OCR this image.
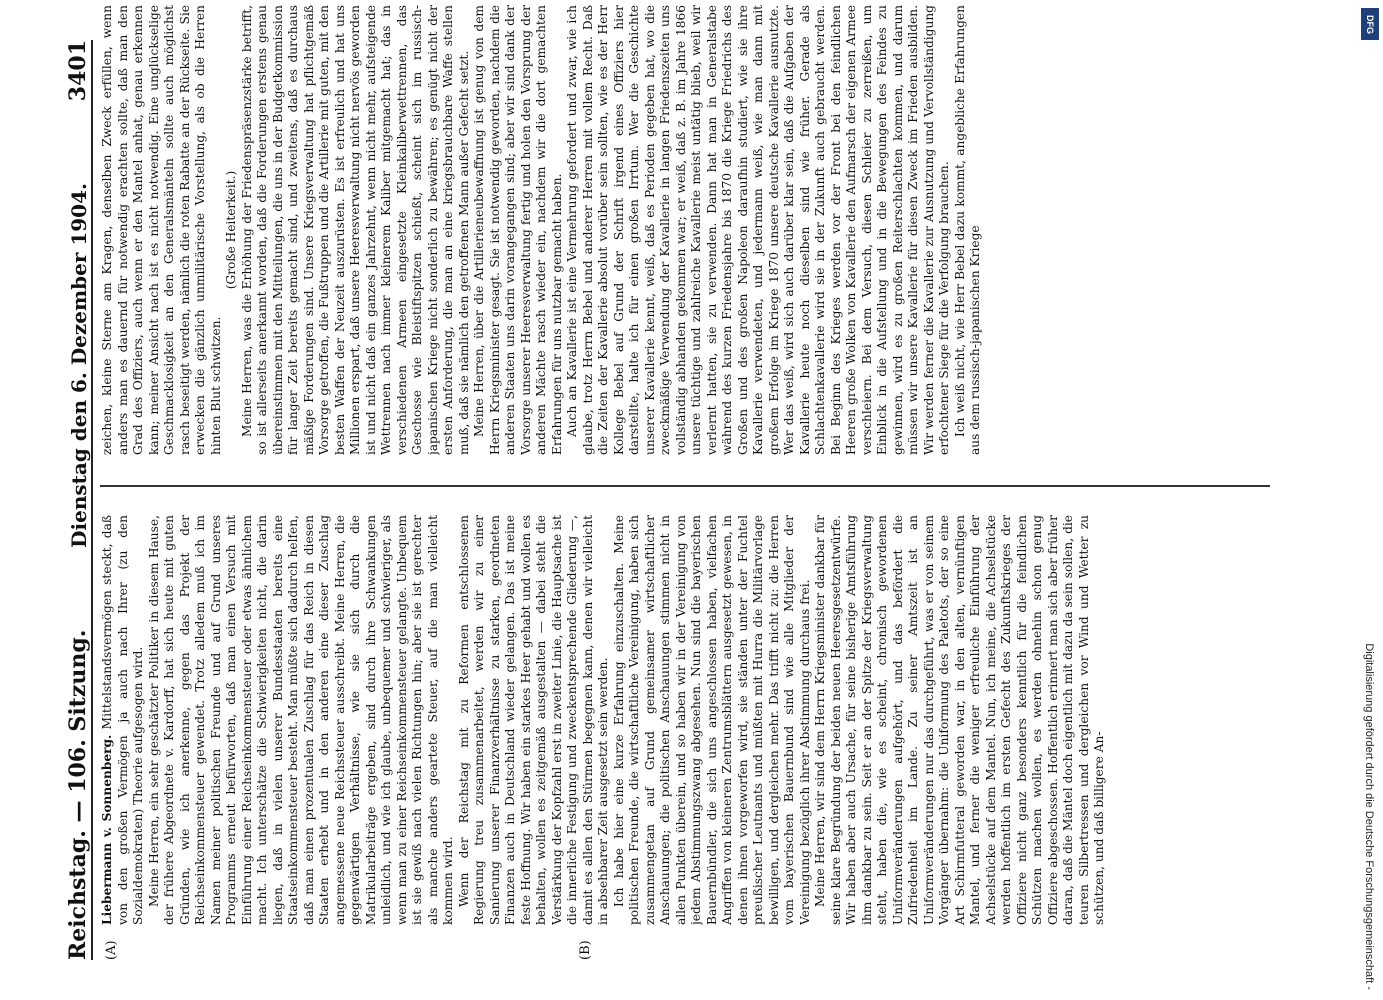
Reichstag. — 106. Sitzung.
Dienstag den 6. Dezember 1904.
3401
(A)	(B)

Liebermann v. Sonnenberg. Mittelstandsvermögen steckt, daß von den großen Vermögen ja auch nach Ihrer (zu den Sozialdemokraten) Theorie aufgesogen wird. Meine Herren, ein sehr geschätzter Politiker in diesem Hause, der frühere Abgeordnete v. Kardorff, hat sich heute mit guten Gründen, wie ich anerkenne, gegen das Projekt der Reichseinkommensteuer gewendet. Trotz alledem muß ich im Namen meiner politischen Freunde und auf Grund unseres Programms erneut befürworten, daß man einen Versuch mit Einführung einer Reichseinkommensteuer oder etwas ähnlichem macht. Ich unterschätze die Schwierigkeiten nicht, die darin liegen, daß in vielen unserer Bundesstaaten bereits eine Staatseinkommensteuer besteht. Man müßte sich dadurch helfen, daß man einen prozentualen Zuschlag für das Reich in diesen Staaten erhebt und in den anderen eine dieser Zuschlag angemessene neue Reichssteuer ausschreibt. Meine Herren, die gegenwärtigen Verhältnisse, wie sie sich durch die Matrikularbeiträge ergeben, sind durch ihre Schwankungen unleidlich, und wie ich glaube, unbequemer und schwieriger, als wenn man zu einer Reichseinkommensteuer gelangte. Unbequem ist sie gewiß nach vielen Richtungen hin; aber sie ist gerechter als manche anders geartete Steuer, auf die man vielleicht kommen wird. Wenn der Reichstag mit zu Reformen entschlossenen Regierung treu zusammenarbeitet, werden wir zu einer Sanierung unserer Finanzverhältnisse zu starken, geordneten Finanzen auch in Deutschland wieder gelangen. Das ist meine feste Hoffnung. Wir haben ein starkes Heer gehabt und wollen es behalten, wollen es zeitgemäß ausgestalten — dabei steht die Verstärkung der Kopfzahl erst in zweiter Linie, die Hauptsache ist die innerliche Festigung und zweckentsprechende Gliederung —, damit es allen den Stürmen begegnen kann, denen wir vielleicht in absehbarer Zeit ausgesetzt sein werden. Ich habe hier eine kurze Erfahrung einzuschalten. Meine politischen Freunde, die wirtschaftliche Vereinigung, haben sich zusammengetan auf Grund gemeinsamer wirtschaftlicher Anschauungen; die politischen Anschauungen stimmen nicht in allen Punkten überein, und so haben wir in der Vereinigung von jedem Abstimmungszwang abgesehen. Nun sind die bayerischen Bauernbündler, die sich uns angeschlossen haben, vielfachen Angriffen von kleineren Zentrumsblättern ausgesetzt gewesen, in denen ihnen vorgeworfen wird, sie ständen unter der Fuchtel preußischer Leutnants und müßten mit Hurra die Militärvorlage bewilligen, und dergleichen mehr. Das trifft nicht zu: die Herren vom bayerischen Bauernbund sind wie alle Mitglieder der Vereinigung bezüglich ihrer Abstimmung durchaus frei. Meine Herren, wir sind dem Herrn Kriegsminister dankbar für seine klare Begründung der beiden neuen Heeresgesetzentwürfe. Wir haben aber auch Ursache, für seine bisherige Amtsführung ihm dankbar zu sein. Seit er an der Spitze der Kriegsverwaltung steht, haben die, wie es scheint, chronisch gewordenen Uniformveränderungen aufgehört, und das befördert die Zufriedenheit im Lande. Zu seiner Amtszeit ist an Uniformveränderungen nur das durchgeführt, was er von seinem Vorgänger übernahm: die Uniformung des Paletots, der so eine Art Schirmfutteral geworden war, in den alten, vernünftigen Mantel, und ferner die weniger erfreuliche Einführung der Achselstücke auf dem Mantel. Nun, ich meine, die Achselstücke werden hoffentlich im ersten Gefecht des Zukunftskrieges der Offiziere nicht ganz besonders kenntlich für die feindlichen Schützen machen wollen, es werden ohnehin schon genug Offiziere abgeschossen. Hoffentlich erinnert man sich aber früher daran, daß die Mäntel doch eigentlich mit dazu da sein sollen, die teuren Silbertressen und dergleichen vor Wind und Wetter zu schützen, und daß billigere An-

zeichen, kleine Sterne am Kragen, denselben Zweck erfüllen, wenn anders man es dauernd für notwendig erachten sollte, daß man den Grad des Offiziers, auch wenn er den Mantel anhat, genau erkennen kann; meiner Ansicht nach ist es nicht notwendig. Eine unglückselige Geschmacklosigkeit an den Generalsmänteln sollte auch möglichst rasch beseitigt werden, nämlich die roten Rabatte an der Rückseite. Sie erwecken die gänzlich unmilitärische Vorstellung, als ob die Herren hinten Blut schwitzen.

(Große Heiterkeit.) Meine Herren, was die Erhöhung der Friedenspräsenzstärke betrifft, so ist allerseits anerkannt worden, daß die Forderungen erstens genau übereinstimmen mit den Mitteilungen, die uns in der Budgetkommission für langer Zeit bereits gemacht sind, und zweitens, daß es durchaus mäßige Forderungen sind. Unsere Kriegsverwaltung hat pflichtgemäß Vorsorge getroffen, die Fußtruppen und die Artillerie mit guten, mit den besten Waffen der Neuzeit auszurüsten. Es ist erfreulich und hat uns Millionen erspart, daß unsere Heeresverwaltung nicht nervös geworden ist und nicht daß ein ganzes Jahrzehnt, wenn nicht mehr, aufsteigende Wettrennen nach immer kleinerem Kaliber mitgemacht hat; das in verschiedenen Armeen eingesetzte Kleinkaliberwettrennen, das Geschosse wie Bleistiftspitzen schießt, scheint sich im russisch-japanischen Kriege nicht sonderlich zu bewähren; es genügt nicht der ersten Anforderung, die man an eine kriegsbrauchbare Waffe stellen muß, daß sie nämlich den getroffenen Mann außer Gefecht setzt. Meine Herren, über die Artillerieneubewaffnung ist genug von dem Herrn Kriegsminister gesagt. Sie ist notwendig geworden, nachdem die anderen Staaten uns darin vorangegangen sind; aber wir sind dank der Vorsorge unserer Heeresverwaltung fertig und holen den Vorsprung der anderen Mächte rasch wieder ein, nachdem wir die dort gemachten Erfahrungen für uns nutzbar gemacht haben. Auch an Kavallerie ist eine Vermehrung gefordert und zwar, wie ich glaube, trotz Herrn Bebel und anderer Herren mit vollem Recht. Daß die Zeiten der Kavallerie absolut vorüber sein sollten, wie es der Herr Kollege Bebel auf Grund der Schrift irgend eines Offiziers hier darstellte, halte ich für einen großen Irrtum. Wer die Geschichte unserer Kavallerie kennt, weiß, daß es Perioden gegeben hat, wo die zweckmäßige Verwendung der Kavallerie in langen Friedenszeiten uns vollständig abhanden gekommen war; er weiß, daß z. B. im Jahre 1866 unsere tüchtige und zahlreiche Kavallerie meist untätig blieb, weil wir verlernt hatten, sie zu verwenden. Dann hat man in Generalstabe während des kurzen Friedensjahre bis 1870 die Kriege Friedrichs des Großen und des großen Napoleon daraufhin studiert, wie sie ihre Kavallerie verwendeten, und jedermann weiß, wie man dann mit großem Erfolge im Kriege 1870 unsere deutsche Kavallerie ausnutzte. Wer das weiß, wird sich auch darüber klar sein, daß die Aufgaben der Kavallerie heute noch dieselben sind wie früher. Gerade als Schlachtenkavallerie wird sie in der Zukunft auch gebraucht werden. Bei Beginn des Krieges werden vor der Front bei den feindlichen Heeren große Wolken von Kavallerie den Aufmarsch der eigenen Armee verschleiern. Bei dem Versuch, diesen Schleier zu zerreißen, um Einblick in die Aufstellung und in die Bewegungen des Feindes zu gewinnen, wird es zu großen Reiterschlachten kommen, und darum müssen wir unsere Kavallerie für diesen Zweck im Frieden ausbilden. Wir werden ferner die Kavallerie zur Ausnutzung und Vervollständigung erfochtener Siege für die Verfolgung brauchen. Ich weiß nicht, wie Herr Bebel dazu kommt, angebliche Erfahrungen aus dem russisch-japanischen Kriege

DFG
Digitalisierung gefördert durch die Deutsche Forschungsgemeinschaft -
